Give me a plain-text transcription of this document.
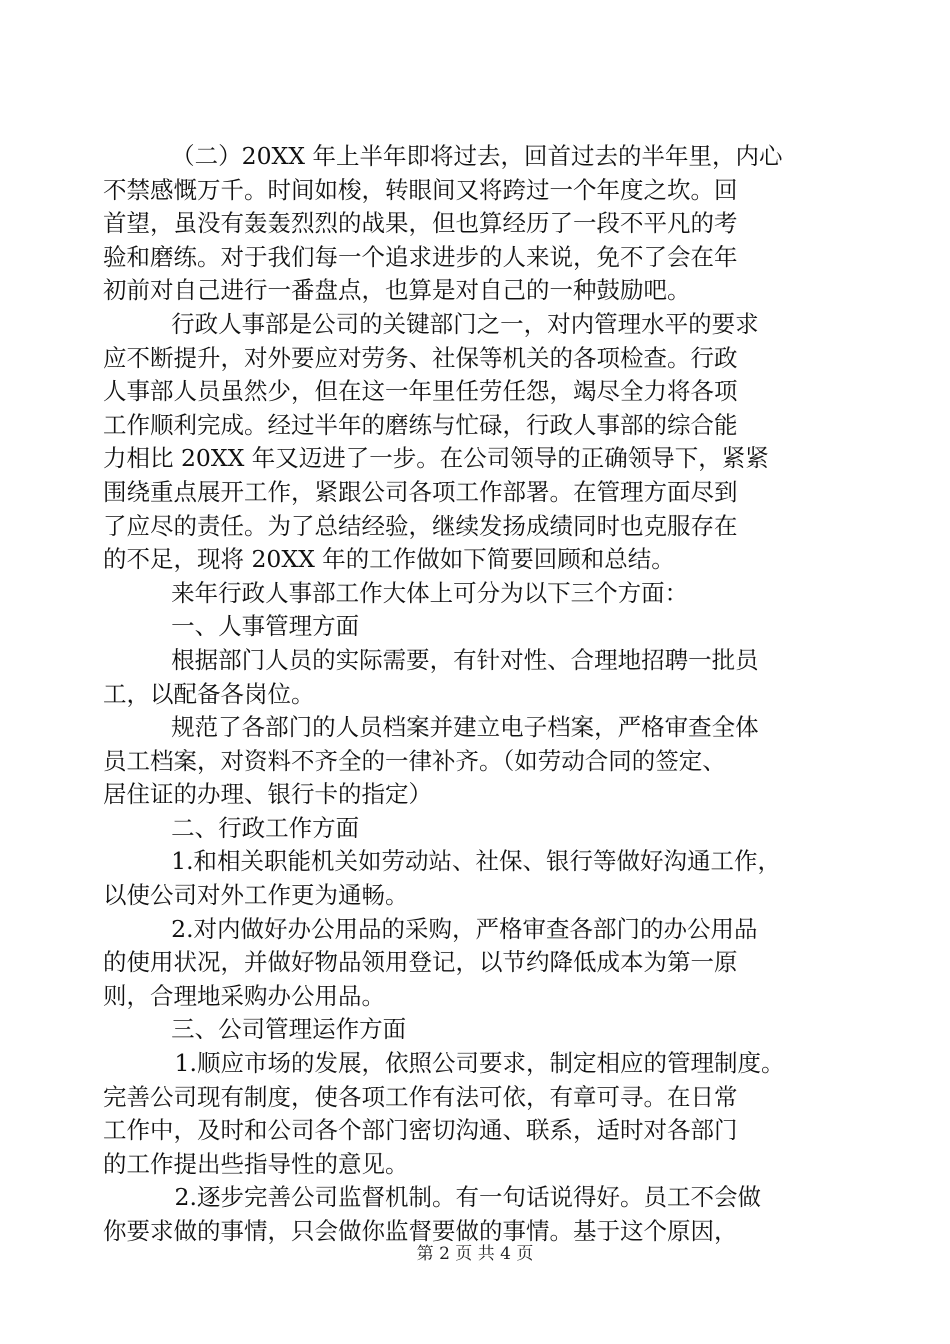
（二）20XX 年上半年即将过去，回首过去的半年里，内心
不禁感慨万千。时间如梭，转眼间又将跨过一个年度之坎。回
首望，虽没有轰轰烈烈的战果，但也算经历了一段不平凡的考
验和磨练。对于我们每一个追求进步的人来说，免不了会在年
初前对自己进行一番盘点，也算是对自己的一种鼓励吧。
行政人事部是公司的关键部门之一，对内管理水平的要求
应不断提升，对外要应对劳务、社保等机关的各项检查。行政
人事部人员虽然少，但在这一年里任劳任怨，竭尽全力将各项
工作顺利完成。经过半年的磨练与忙碌，行政人事部的综合能
力相比 20XX 年又迈进了一步。在公司领导的正确领导下，紧紧
围绕重点展开工作，紧跟公司各项工作部署。在管理方面尽到
了应尽的责任。为了总结经验，继续发扬成绩同时也克服存在
的不足，现将 20XX 年的工作做如下简要回顾和总结。
来年行政人事部工作大体上可分为以下三个方面：
一、人事管理方面
根据部门人员的实际需要，有针对性、合理地招聘一批员
工，以配备各岗位。
规范了各部门的人员档案并建立电子档案，严格审查全体
员工档案，对资料不齐全的一律补齐。（如劳动合同的签定、
居住证的办理、银行卡的指定）
二、行政工作方面
1.和相关职能机关如劳动站、社保、银行等做好沟通工作，
以使公司对外工作更为通畅。
2.对内做好办公用品的采购，严格审查各部门的办公用品
的使用状况，并做好物品领用登记，以节约降低成本为第一原
则，合理地采购办公用品。
三、公司管理运作方面
1.顺应市场的发展，依照公司要求，制定相应的管理制度。
完善公司现有制度，使各项工作有法可依，有章可寻。在日常
工作中，及时和公司各个部门密切沟通、联系，适时对各部门
的工作提出些指导性的意见。
2.逐步完善公司监督机制。有一句话说得好。员工不会做
你要求做的事情，只会做你监督要做的事情。基于这个原因，
第 2 页 共 4 页
